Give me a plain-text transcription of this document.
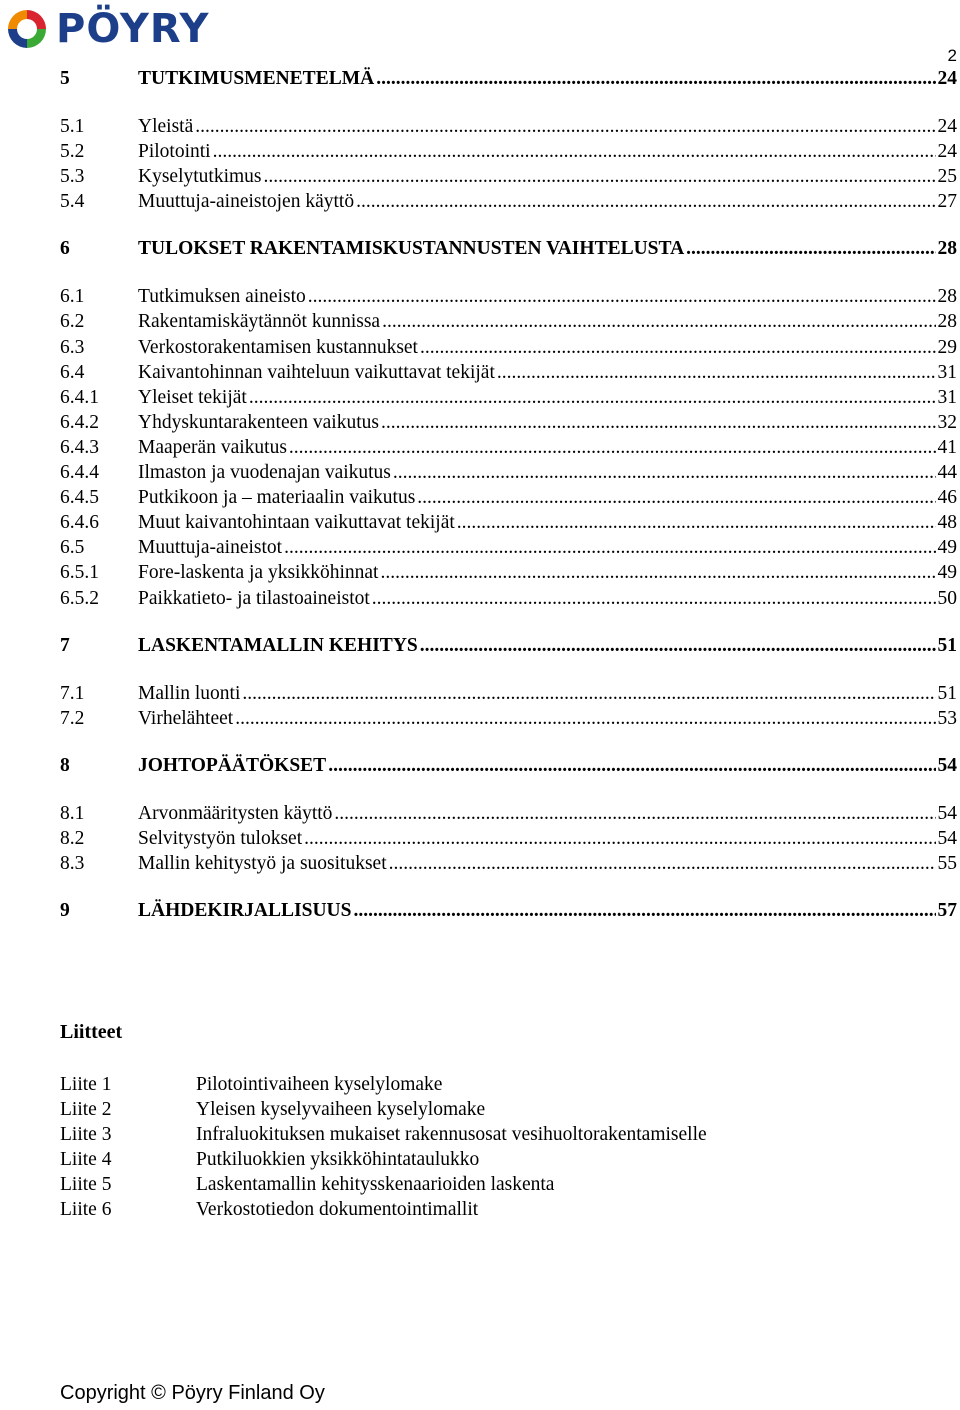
PÖYRY
2
5	TUTKIMUSMENETELMÄ .....	24
5.1	Yleistä .....	24
5.2	Pilotointi .....	24
5.3	Kyselytutkimus .....	25
5.4	Muuttuja-aineistojen käyttö .....	27
6	TULOKSET RAKENTAMISKUSTANNUSTEN VAIHTELUSTA .....	28
6.1	Tutkimuksen aineisto .....	28
6.2	Rakentamiskäytännöt kunnissa .....	28
6.3	Verkostorakentamisen kustannukset .....	29
6.4	Kaivantohinnan vaihteluun vaikuttavat tekijät .....	31
6.4.1	Yleiset tekijät .....	31
6.4.2	Yhdyskuntarakenteen vaikutus .....	32
6.4.3	Maaperän vaikutus .....	41
6.4.4	Ilmaston ja vuodenajan vaikutus .....	44
6.4.5	Putkikoon ja – materiaalin vaikutus .....	46
6.4.6	Muut kaivantohintaan vaikuttavat tekijät .....	48
6.5	Muuttuja-aineistot .....	49
6.5.1	Fore-laskenta ja yksikköhinnat .....	49
6.5.2	Paikkatieto- ja tilastoaineistot .....	50
7	LASKENTAMALLIN KEHITYS .....	51
7.1	Mallin luonti .....	51
7.2	Virhelähteet .....	53
8	JOHTOPÄÄTÖKSET .....	54
8.1	Arvonmääritysten käyttö .....	54
8.2	Selvitystyön tulokset .....	54
8.3	Mallin kehitystyö ja suositukset .....	55
9	LÄHDEKIRJALLISUUS .....	57
Liitteet
Liite 1	Pilotointivaiheen kyselylomake
Liite 2	Yleisen kyselyvaiheen kyselylomake
Liite 3	Infraluokituksen mukaiset rakennusosat vesihuoltorakentamiselle
Liite 4	Putkiluokkien yksikköhintataulukko
Liite 5	Laskentamallin kehitysskenaarioiden laskenta
Liite 6	Verkostotiedon dokumentointimallit
Copyright © Pöyry Finland Oy
